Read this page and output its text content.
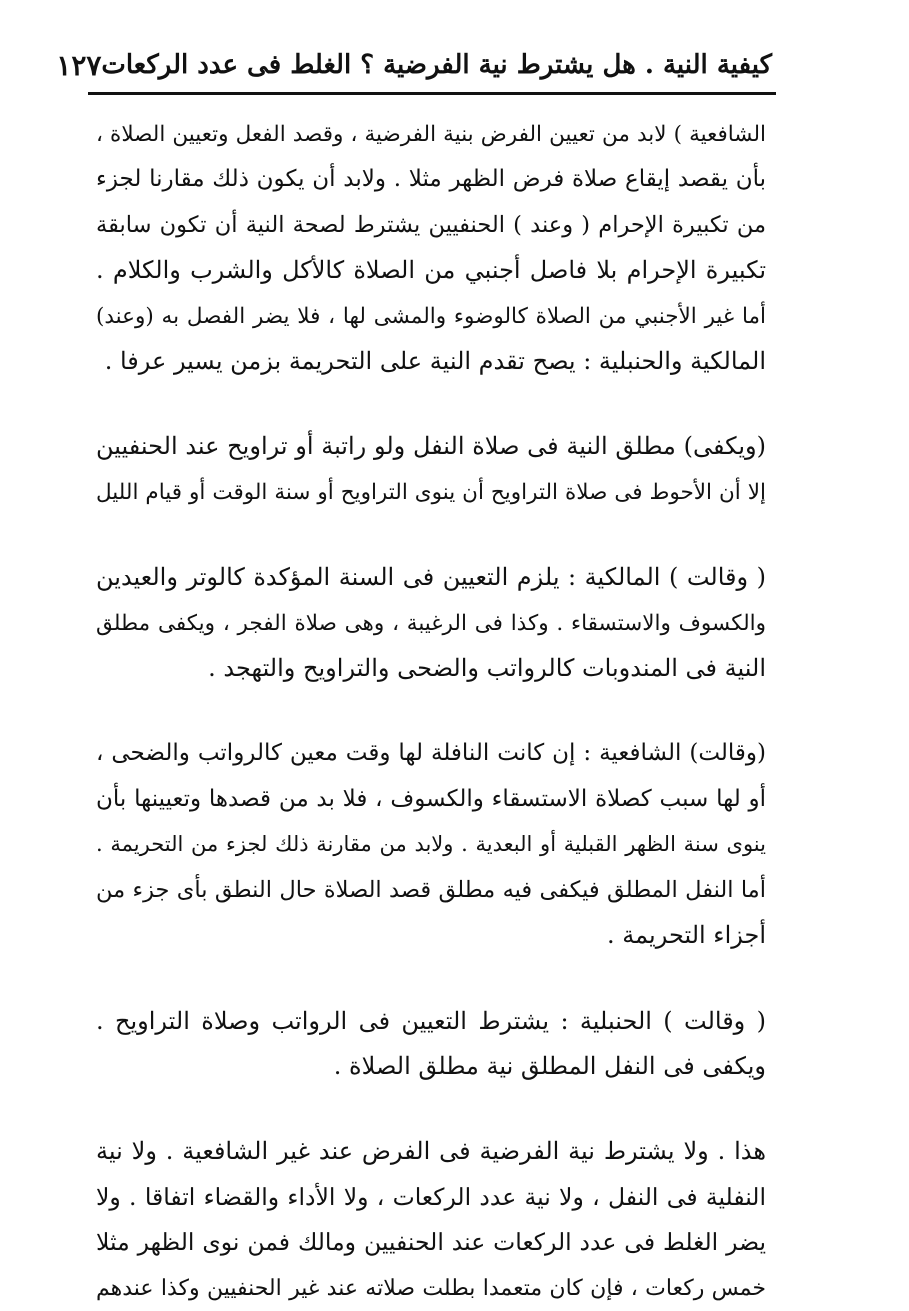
كيفية النية . هل يشترط نية الفرضية ؟ الغلط فى عدد الركعات
١٢٧

الشافعية ) لابد من تعيين الفرض بنية الفرضية ، وقصد الفعل وتعيين الصلاة ،
بأن يقصد إيقاع صلاة فرض الظهر مثلا . ولابد أن يكون ذلك مقارنا لجزء
من تكبيرة الإحرام ( وعند ) الحنفيين يشترط لصحة النية أن تكون سابقة
تكبيرة الإحرام بلا فاصل أجنبي من الصلاة كالأكل والشرب والكلام .
أما غير الأجنبي من الصلاة كالوضوء والمشى لها ، فلا يضر الفصل به (وعند)
المالكية والحنبلية : يصح تقدم النية على التحريمة بزمن يسير عرفا .

(ويكفى) مطلق النية فى صلاة النفل ولو راتبة أو تراويح عند الحنفيين
إلا أن الأحوط فى صلاة التراويح أن ينوى التراويح أو سنة الوقت أو قيام الليل

( وقالت ) المالكية : يلزم التعيين فى السنة المؤكدة كالوتر والعيدين
والكسوف والاستسقاء . وكذا فى الرغيبة ، وهى صلاة الفجر ، ويكفى مطلق
النية فى المندوبات كالرواتب والضحى والتراويح والتهجد .

(وقالت) الشافعية : إن كانت النافلة لها وقت معين كالرواتب والضحى ،
أو لها سبب كصلاة الاستسقاء والكسوف ، فلا بد من قصدها وتعيينها بأن
ينوى سنة الظهر القبلية أو البعدية . ولابد من مقارنة ذلك لجزء من التحريمة .
أما النفل المطلق فيكفى فيه مطلق قصد الصلاة حال النطق بأى جزء من
أجزاء التحريمة .

( وقالت ) الحنبلية : يشترط التعيين فى الرواتب وصلاة التراويح .
ويكفى فى النفل المطلق نية مطلق الصلاة .

هذا . ولا يشترط نية الفرضية فى الفرض عند غير الشافعية . ولا نية
النفلية فى النفل ، ولا نية عدد الركعات ، ولا الأداء والقضاء اتفاقا . ولا
يضر الغلط فى عدد الركعات عند الحنفيين ومالك فمن نوى الظهر مثلا
خمس ركعات ، فإن كان متعمدا بطلت صلاته عند غير الحنفيين وكذا عندهم
